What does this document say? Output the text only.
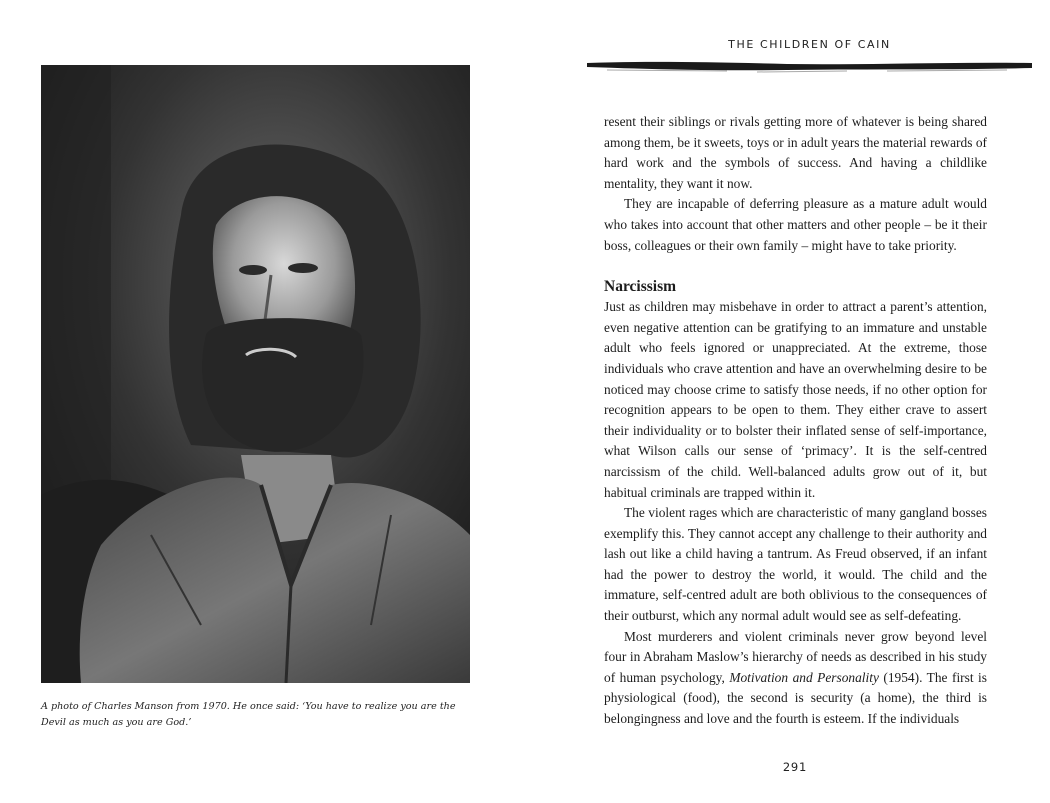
A photo of Charles Manson from 1970. He once said: ‘You have to realize you are the Devil as much as you are God.’

THE CHILDREN OF CAIN

resent their siblings or rivals getting more of whatever is being shared among them, be it sweets, toys or in adult years the material rewards of hard work and the symbols of success. And having a childlike mentality, they want it now.

They are incapable of deferring pleasure as a mature adult would who takes into account that other matters and other people – be it their boss, colleagues or their own family – might have to take priority.

Narcissism

Just as children may misbehave in order to attract a parent’s attention, even negative attention can be gratifying to an immature and unstable adult who feels ignored or unappreciated. At the extreme, those individuals who crave attention and have an overwhelming desire to be noticed may choose crime to satisfy those needs, if no other option for recognition appears to be open to them. They either crave to assert their individuality or to bolster their inflated sense of self-importance, what Wilson calls our sense of ‘primacy’. It is the self-centred narcissism of the child. Well-balanced adults grow out of it, but habitual criminals are trapped within it.

The violent rages which are characteristic of many gangland bosses exemplify this. They cannot accept any challenge to their authority and lash out like a child having a tantrum. As Freud observed, if an infant had the power to destroy the world, it would. The child and the immature, self-centred adult are both oblivious to the consequences of their outburst, which any normal adult would see as self-defeating.

Most murderers and violent criminals never grow beyond level four in Abraham Maslow’s hierarchy of needs as described in his study of human psychology, Motivation and Personality (1954). The first is physiological (food), the second is security (a home), the third is belongingness and love and the fourth is esteem. If the individuals

291
